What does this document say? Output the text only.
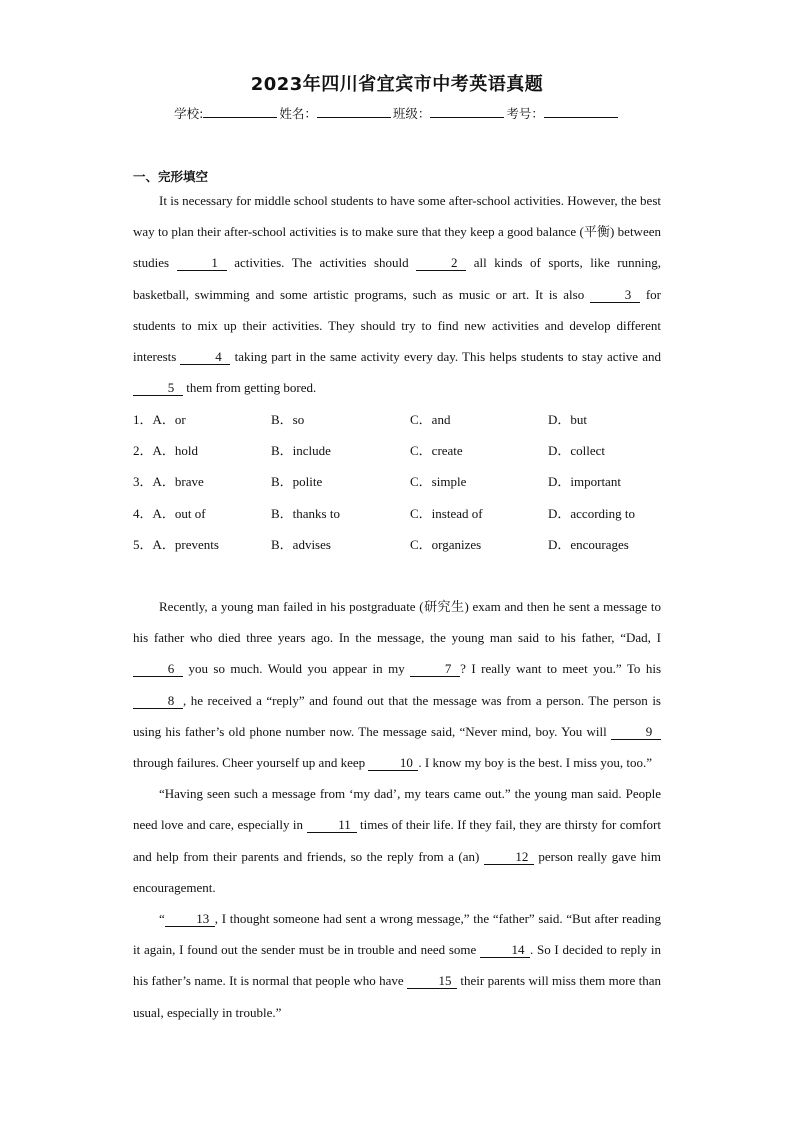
2023年四川省宜宾市中考英语真题
学校:	姓名：	班级：	考号：
一、完形填空

It is necessary for middle school students to have some after-school activities. However, the best way to plan their after-school activities is to make sure that they keep a good balance (平衡) between studies	1 activities. The activities should	2 all kinds of sports, like running, basketball, swimming and some artistic programs, such as music or art. It is also	3 for students to mix up their activities. They should try to find new activities and develop different interests	4 taking part in the same activity every day. This helps students to stay active and 5 them from getting bored.

1．A．or	B．so	C．and	D．but
2．A．hold	B．include	C．create	D．collect
3．A．brave	B．polite	C．simple	D．important
4．A．out of	B．thanks to	C．instead of	D．according to
5．A．prevents	B．advises	C．organizes	D．encourages

Recently, a young man failed in his postgraduate (研究生) exam and then he sent a message to his father who died three years ago. In the message, the young man said to his father, “Dad, I 6 you so much. Would you appear in my	7 ? I really want to meet you.” To his 8 , he received a “reply” and found out that the message was from a person. The person is using his father’s old phone number now. The message said, “Never mind, boy. You will	9 through failures. Cheer yourself up and keep 10 . I know my boy is the best. I miss you, too.”

“Having seen such a message from ‘my dad’, my tears came out.” the young man said. People need love and care, especially in 11 times of their life. If they fail, they are thirsty for comfort and help from their parents and friends, so the reply from a (an) 12 person really gave him encouragement.

“ 13 , I thought someone had sent a wrong message,” the “father” said. “But after reading it again, I found out the sender must be in trouble and need some 14 . So I decided to reply in his father’s name. It is normal that people who have 15 their parents will miss them more than usual, especially in trouble.”
